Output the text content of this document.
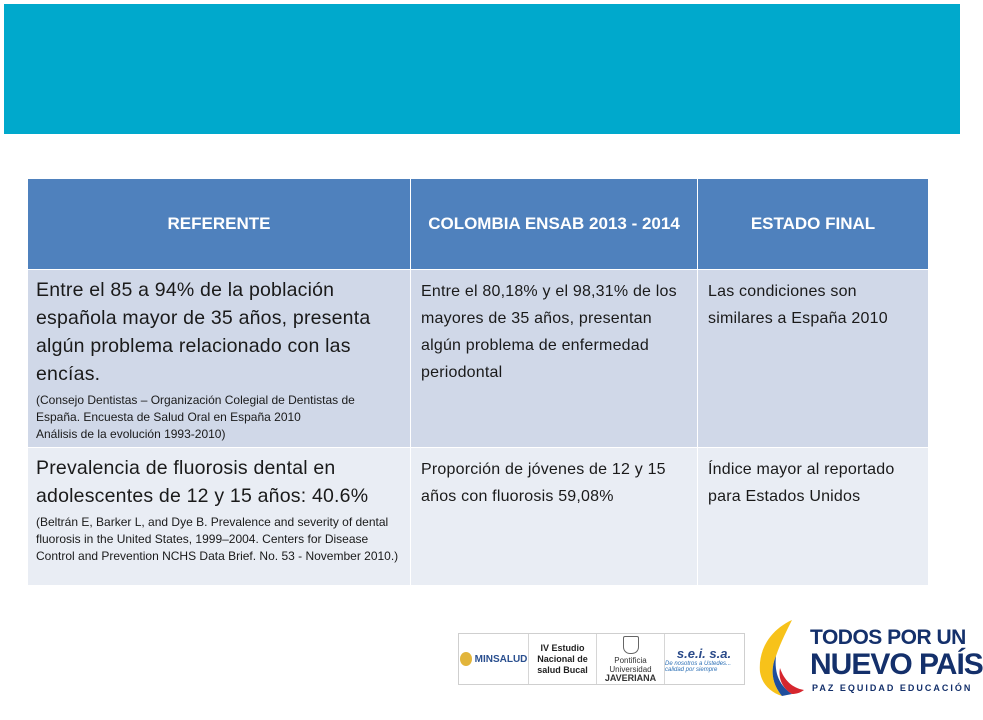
REFERENTE	COLOMBIA ENSAB 2013 - 2014	ESTADO FINAL

Entre el 85 a 94% de la población española mayor de 35 años, presenta algún problema relacionado con las encías.
(Consejo Dentistas – Organización Colegial de Dentistas de España. Encuesta de Salud Oral en España 2010
Análisis de la evolución 1993-2010)	Entre el 80,18% y el 98,31% de los mayores de 35 años, presentan algún problema de enfermedad periodontal	Las condiciones son similares a España 2010

Prevalencia de fluorosis dental en adolescentes de 12 y 15 años: 40.6%
(Beltrán E, Barker L, and Dye B. Prevalence and severity of dental fluorosis in the United States, 1999–2004. Centers for Disease Control and Prevention NCHS Data Brief. No. 53 - November 2010.)	Proporción de jóvenes de 12 y 15 años con fluorosis 59,08%	Índice mayor al reportado para Estados Unidos
MINSALUD
IV Estudio Nacional de salud Bucal
Pontificia Universidad
JAVERIANA
s.e.i. s.a.
De nosotros a Ustedes... calidad por siempre
TODOS POR UN
NUEVO PAÍS
PAZ EQUIDAD EDUCACIÓN
